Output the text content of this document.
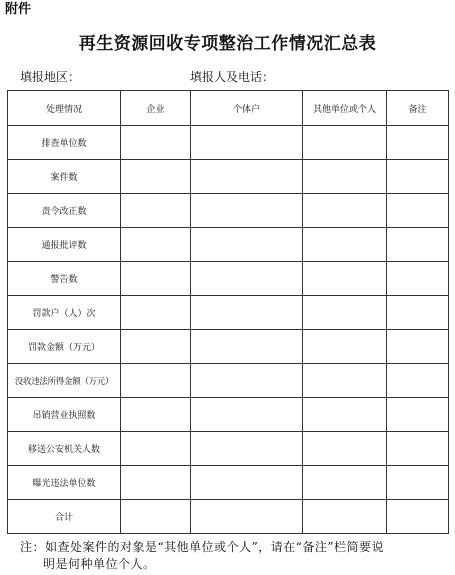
附件
再生资源回收专项整治工作情况汇总表
填报地区：	填报人及电话：
处理情况	企业	个体户	其他单位或个人	备注
排查单位数				
案件数				
责令改正数				
通报批评数				
警告数				
罚款户（人）次				
罚款金额（万元）				
没收违法所得金额（万元）				
吊销营业执照数				
移送公安机关人数				
曝光违法单位数				
合计				
注：如查处案件的对象是“其他单位或个人”，请在“备注”栏简要说
明是何种单位个人。
